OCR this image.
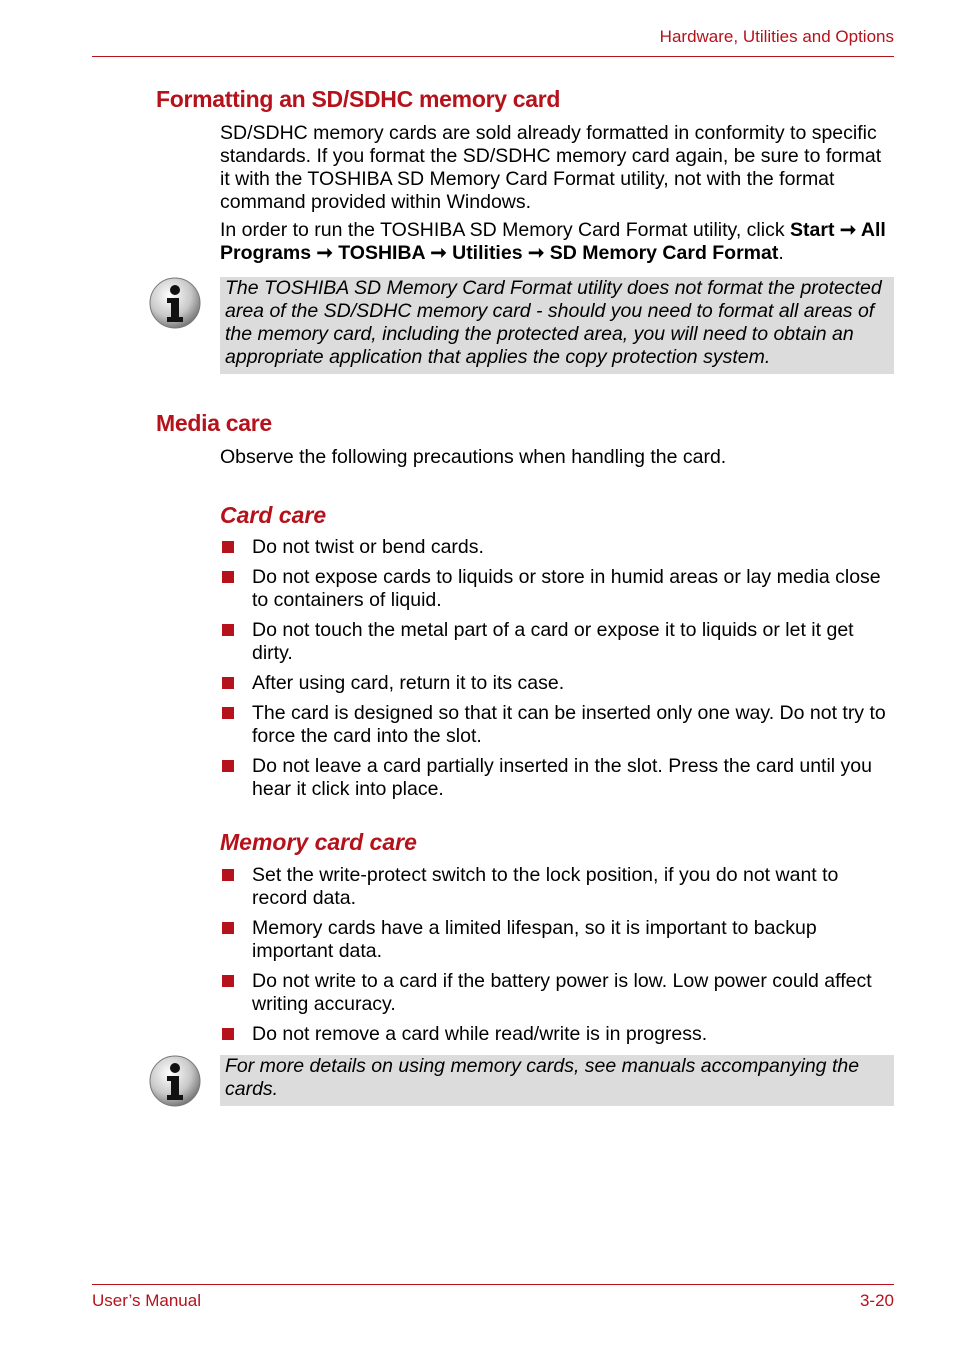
Hardware, Utilities and Options
Formatting an SD/SDHC memory card
SD/SDHC memory cards are sold already formatted in conformity to specific standards. If you format the SD/SDHC memory card again, be sure to format it with the TOSHIBA SD Memory Card Format utility, not with the format command provided within Windows.
In order to run the TOSHIBA SD Memory Card Format utility, click Start ➞ All Programs ➞ TOSHIBA ➞ Utilities ➞ SD Memory Card Format.
The TOSHIBA SD Memory Card Format utility does not format the protected area of the SD/SDHC memory card - should you need to format all areas of the memory card, including the protected area, you will need to obtain an appropriate application that applies the copy protection system.
Media care
Observe the following precautions when handling the card.
Card care
Do not twist or bend cards.
Do not expose cards to liquids or store in humid areas or lay media close to containers of liquid.
Do not touch the metal part of a card or expose it to liquids or let it get dirty.
After using card, return it to its case.
The card is designed so that it can be inserted only one way. Do not try to force the card into the slot.
Do not leave a card partially inserted in the slot. Press the card until you hear it click into place.
Memory card care
Set the write-protect switch to the lock position, if you do not want to record data.
Memory cards have a limited lifespan, so it is important to backup important data.
Do not write to a card if the battery power is low. Low power could affect writing accuracy.
Do not remove a card while read/write is in progress.
For more details on using memory cards, see manuals accompanying the cards.
User’s Manual	3-20
